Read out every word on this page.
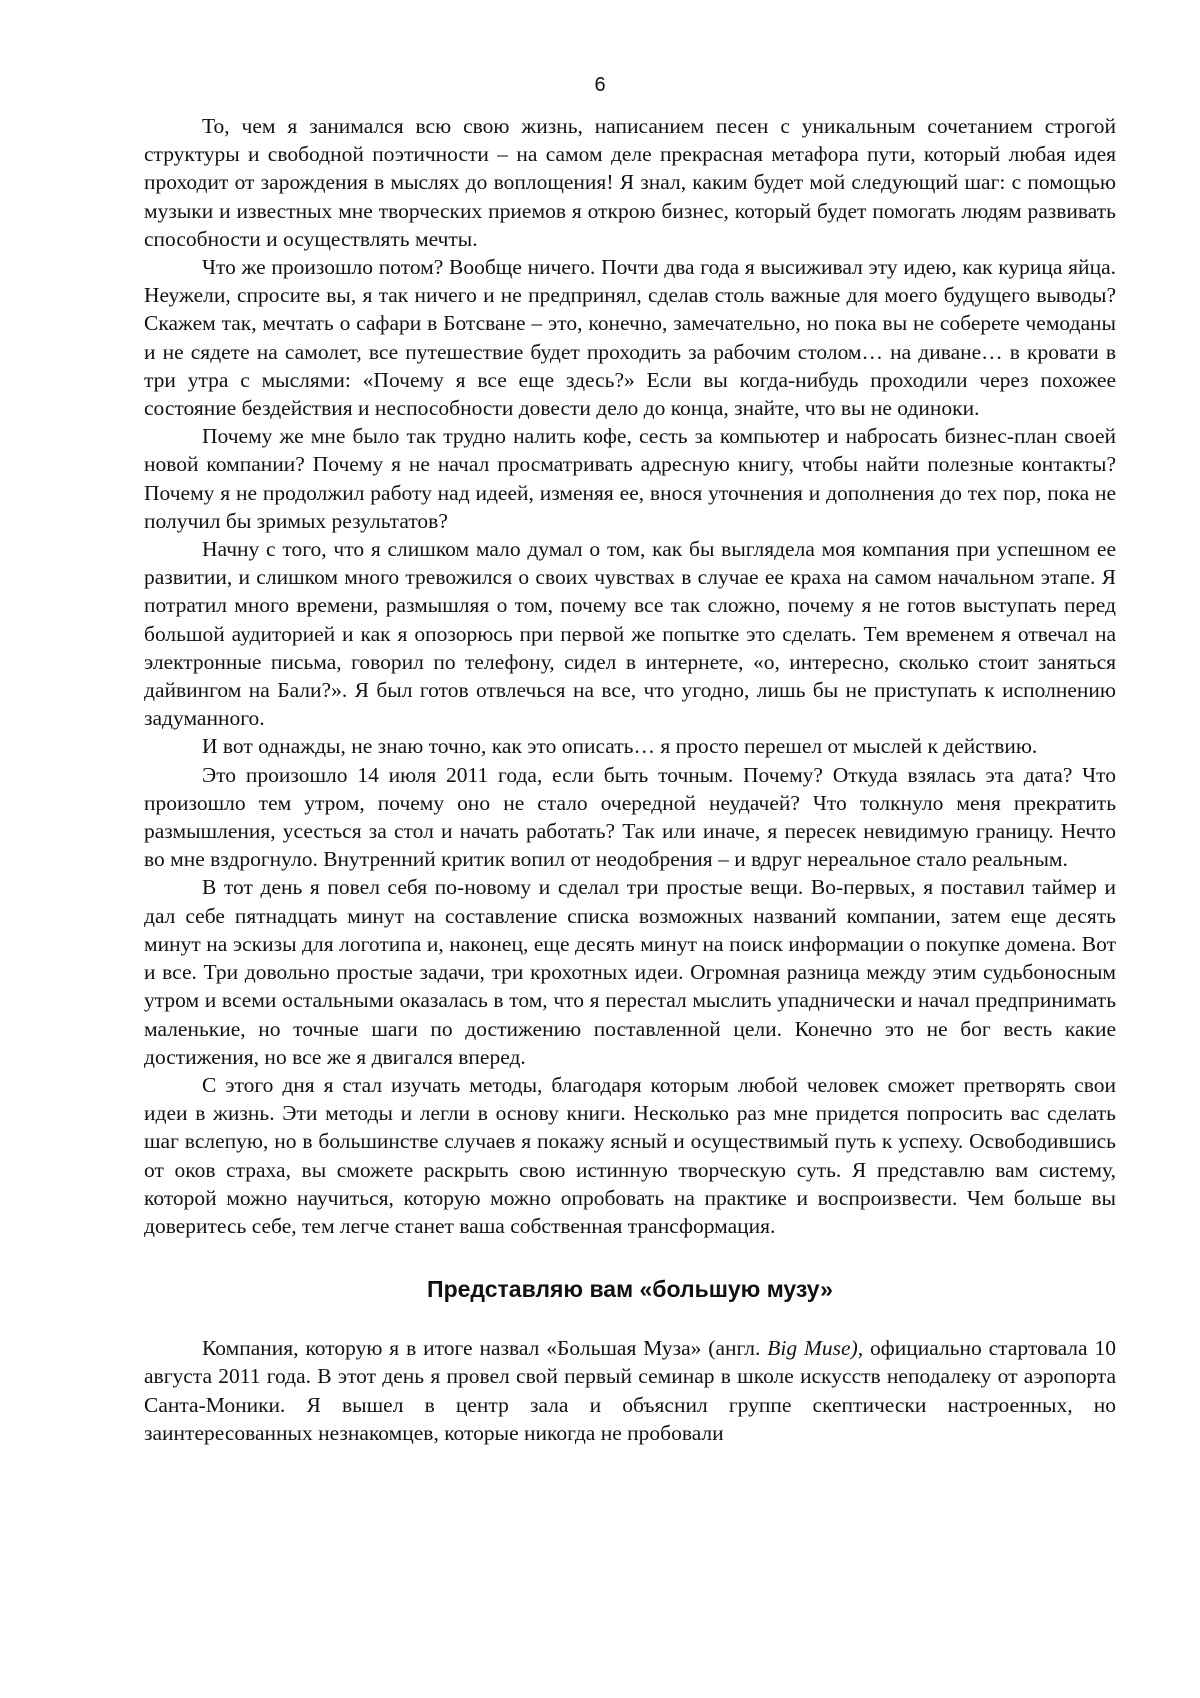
6

То, чем я занимался всю свою жизнь, написанием песен с уникальным сочетанием строгой структуры и свободной поэтичности – на самом деле прекрасная метафора пути, который любая идея проходит от зарождения в мыслях до воплощения! Я знал, каким будет мой следующий шаг: с помощью музыки и известных мне творческих приемов я открою бизнес, который будет помогать людям развивать способности и осуществлять мечты.

Что же произошло потом? Вообще ничего. Почти два года я высиживал эту идею, как курица яйца. Неужели, спросите вы, я так ничего и не предпринял, сделав столь важные для моего будущего выводы? Скажем так, мечтать о сафари в Ботсване – это, конечно, замечательно, но пока вы не соберете чемоданы и не сядете на самолет, все путешествие будет проходить за рабочим столом… на диване… в кровати в три утра с мыслями: «Почему я все еще здесь?» Если вы когда-нибудь проходили через похожее состояние бездействия и неспособности довести дело до конца, знайте, что вы не одиноки.

Почему же мне было так трудно налить кофе, сесть за компьютер и набросать бизнес-план своей новой компании? Почему я не начал просматривать адресную книгу, чтобы найти полезные контакты? Почему я не продолжил работу над идеей, изменяя ее, внося уточнения и дополнения до тех пор, пока не получил бы зримых результатов?

Начну с того, что я слишком мало думал о том, как бы выглядела моя компания при успешном ее развитии, и слишком много тревожился о своих чувствах в случае ее краха на самом начальном этапе. Я потратил много времени, размышляя о том, почему все так сложно, почему я не готов выступать перед большой аудиторией и как я опозорюсь при первой же попытке это сделать. Тем временем я отвечал на электронные письма, говорил по телефону, сидел в интернете, «о, интересно, сколько стоит заняться дайвингом на Бали?». Я был готов отвлечься на все, что угодно, лишь бы не приступать к исполнению задуманного.

И вот однажды, не знаю точно, как это описать… я просто перешел от мыслей к действию.

Это произошло 14 июля 2011 года, если быть точным. Почему? Откуда взялась эта дата? Что произошло тем утром, почему оно не стало очередной неудачей? Что толкнуло меня прекратить размышления, усесться за стол и начать работать? Так или иначе, я пересек невидимую границу. Нечто во мне вздрогнуло. Внутренний критик вопил от неодобрения – и вдруг нереальное стало реальным.

В тот день я повел себя по-новому и сделал три простые вещи. Во-первых, я поставил таймер и дал себе пятнадцать минут на составление списка возможных названий компании, затем еще десять минут на эскизы для логотипа и, наконец, еще десять минут на поиск информации о покупке домена. Вот и все. Три довольно простые задачи, три крохотных идеи. Огромная разница между этим судьбоносным утром и всеми остальными оказалась в том, что я перестал мыслить упаднически и начал предпринимать маленькие, но точные шаги по достижению поставленной цели. Конечно это не бог весть какие достижения, но все же я двигался вперед.

С этого дня я стал изучать методы, благодаря которым любой человек сможет претворять свои идеи в жизнь. Эти методы и легли в основу книги. Несколько раз мне придется попросить вас сделать шаг вслепую, но в большинстве случаев я покажу ясный и осуществимый путь к успеху. Освободившись от оков страха, вы сможете раскрыть свою истинную творческую суть. Я представлю вам систему, которой можно научиться, которую можно опробовать на практике и воспроизвести. Чем больше вы доверитесь себе, тем легче станет ваша собственная трансформация.

Представляю вам «большую музу»

Компания, которую я в итоге назвал «Большая Муза» (англ. Big Muse), официально стартовала 10 августа 2011 года. В этот день я провел свой первый семинар в школе искусств неподалеку от аэропорта Санта-Моники. Я вышел в центр зала и объяснил группе скептически настроенных, но заинтересованных незнакомцев, которые никогда не пробовали
